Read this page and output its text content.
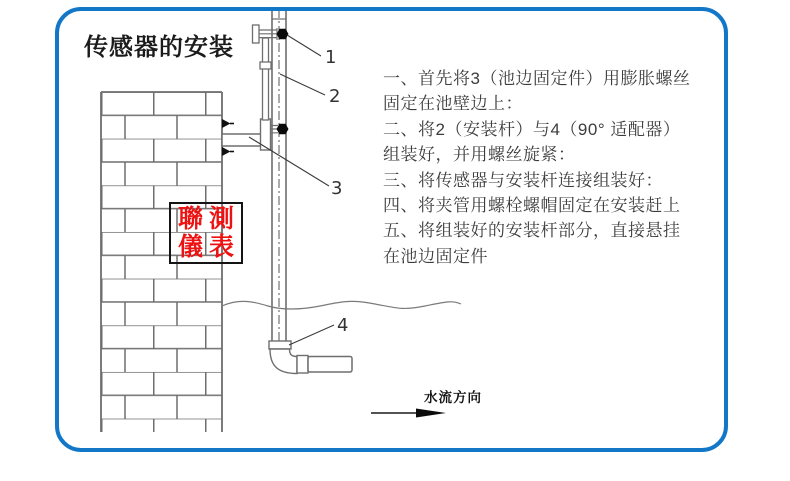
1
2
3
4
传感器的安装
一、首先将3（池边固定件）用膨胀螺丝
固定在池壁边上：
二、将2（安装杆）与4（90° 适配器）
组装好，并用螺丝旋紧：
三、将传感器与安装杆连接组装好：
四、将夹管用螺栓螺帽固定在安装赶上
五、将组装好的安装杆部分，直接悬挂
在池边固定件
聯 測
儀 表
水流方向
